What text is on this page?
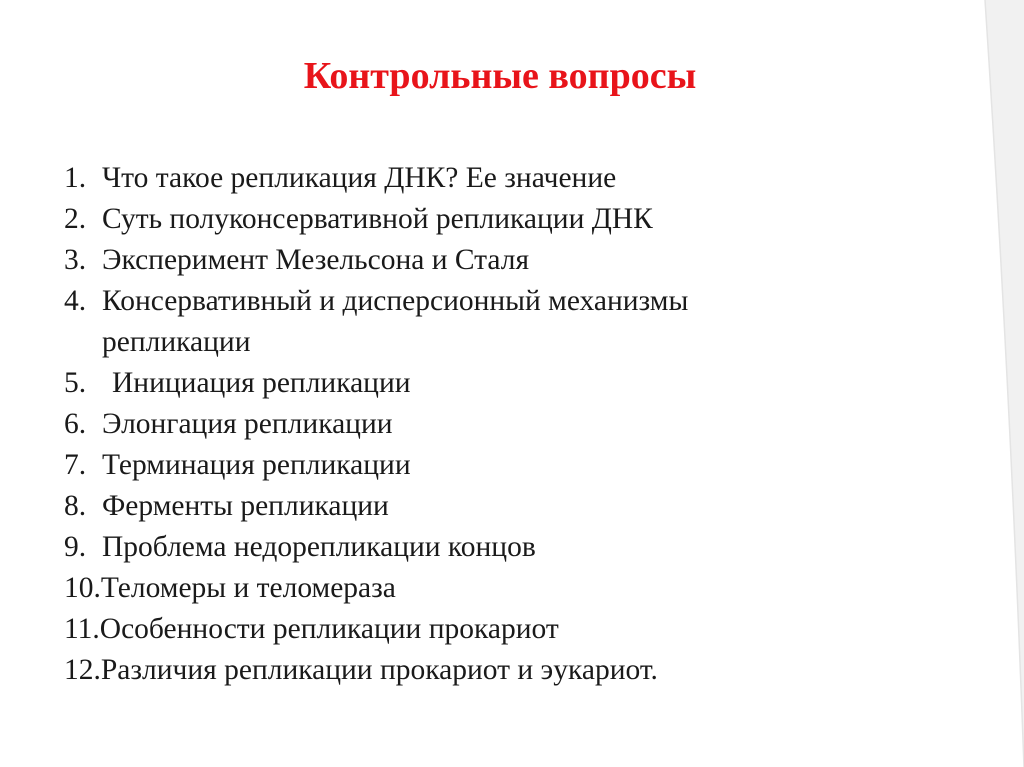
Контрольные вопросы
1. Что такое репликация ДНК? Ее значение
2. Суть полуконсервативной репликации ДНК
3. Эксперимент Мезельсона и Сталя
4. Консервативный и дисперсионный механизмы репликации
5. Инициация репликации
6. Элонгация репликации
7. Терминация репликации
8. Ферменты репликации
9. Проблема недорепликации концов
10. Теломеры и теломераза
11. Особенности репликации прокариот
12. Различия репликации прокариот и эукариот.
